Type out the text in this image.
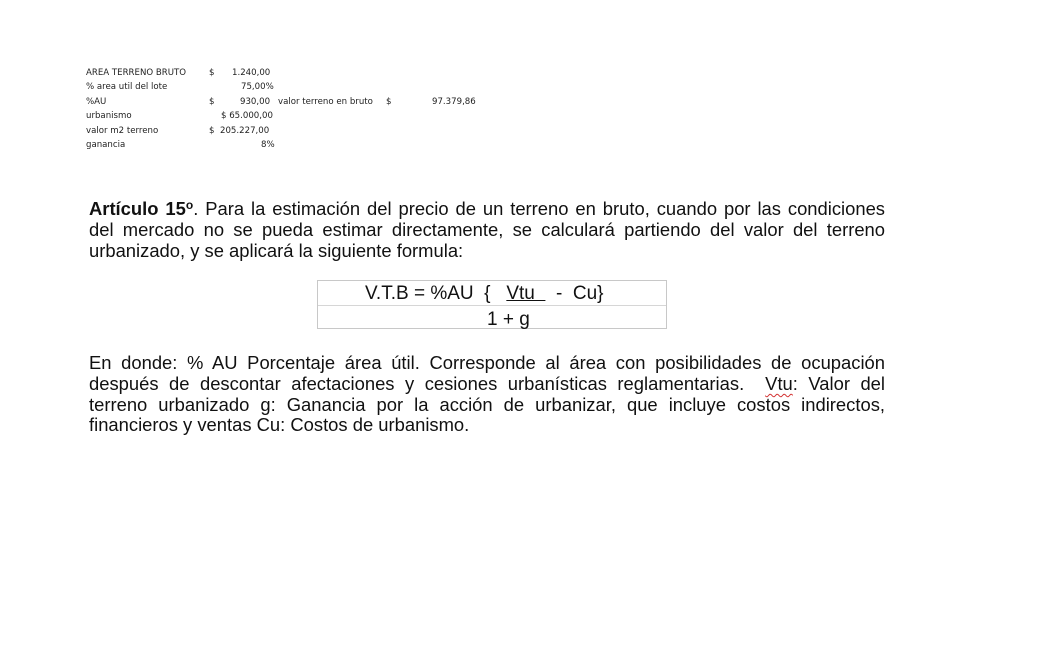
AREA TERRENO BRUTO	$ 1.240,00
% area util del lote	75,00%
%AU	$	930,00 valor terreno en bruto $	97.379,86
urbanismo	$ 65.000,00
valor m2 terreno	$ 205.227,00
ganancia	8%
Artículo 15$^o$. Para la estimación del precio de un terreno en bruto, cuando por las condiciones del mercado no se pueda estimar directamente, se calculará partiendo del valor del terreno urbanizado, y se aplicará la siguiente formula:
V.T.B = %AU  {   Vtu    -  Cu}
1 + g
En donde: % AU Porcentaje área útil. Corresponde al área con posibilidades de ocupación después de descontar afectaciones y cesiones urbanísticas reglamentarias.  Vtu: Valor del terreno urbanizado g: Ganancia por la acción de urbanizar, que incluye costos indirectos, financieros y ventas Cu: Costos de urbanismo.
